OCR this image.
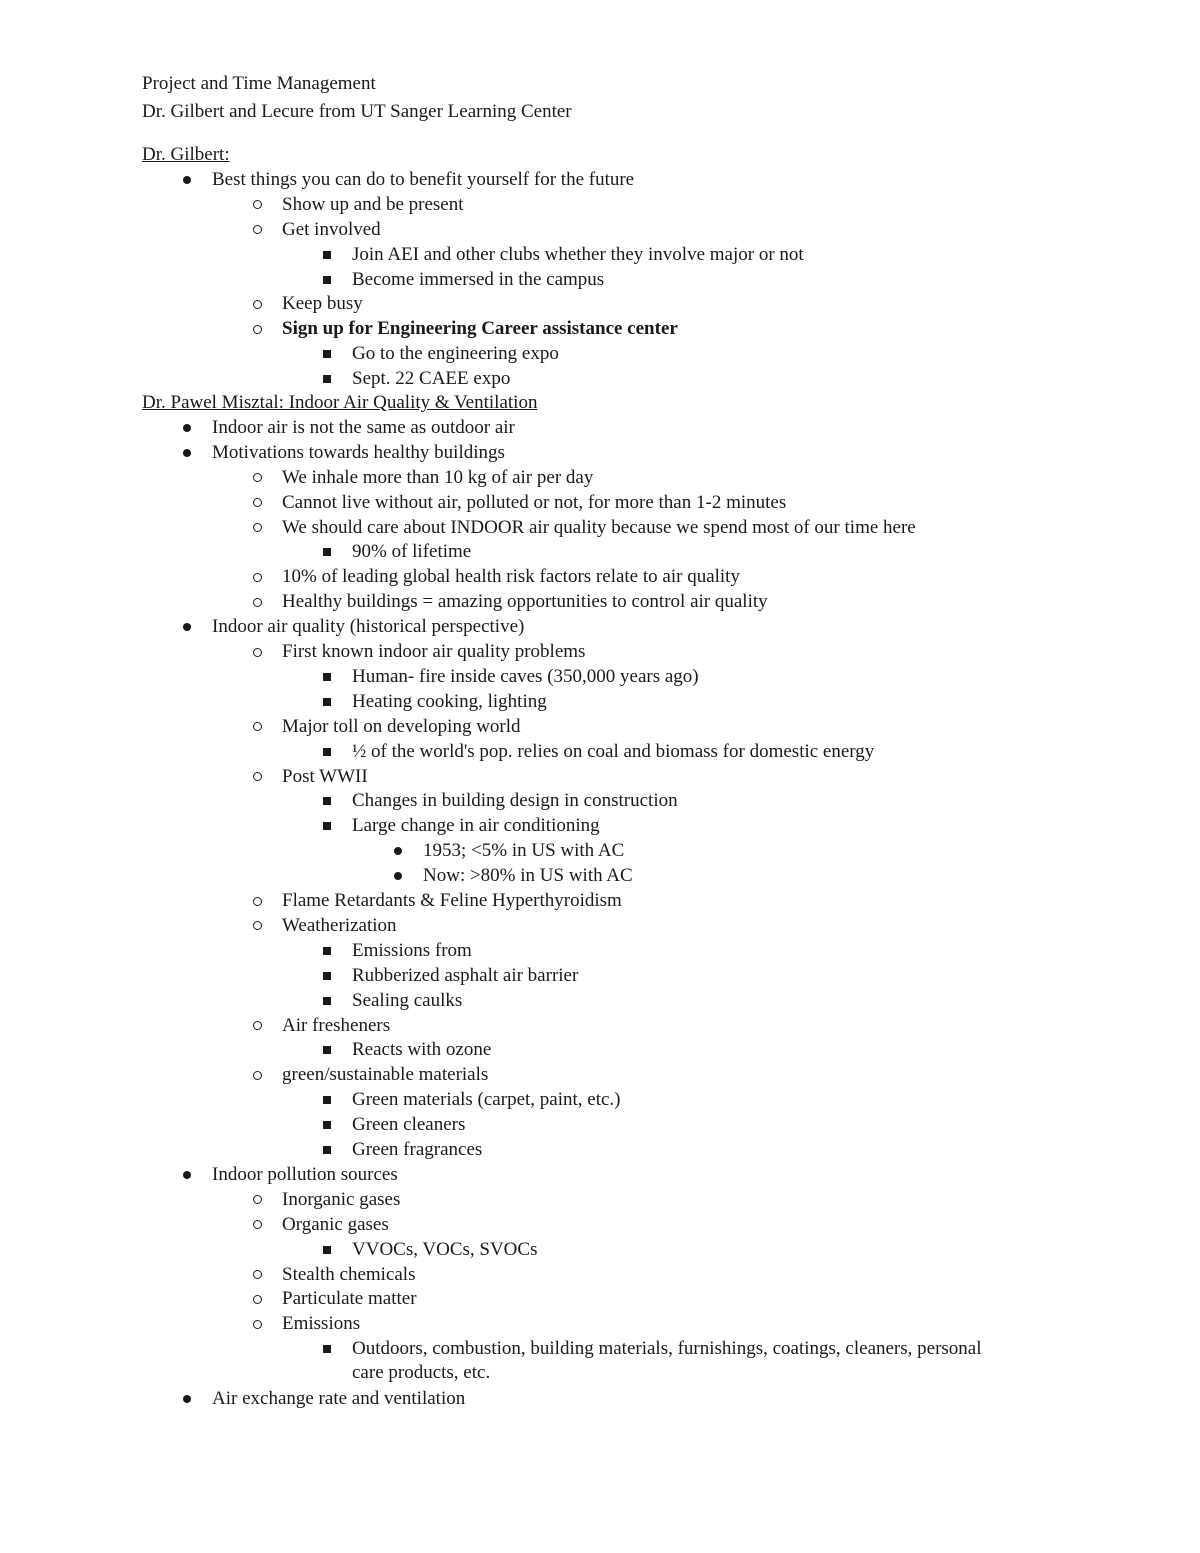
Project and Time Management
Dr. Gilbert and Lecure from UT Sanger Learning Center
Dr. Gilbert:
Best things you can do to benefit yourself for the future
Show up and be present
Get involved
Join AEI and other clubs whether they involve major or not
Become immersed in the campus
Keep busy
Sign up for Engineering Career assistance center
Go to the engineering expo
Sept. 22 CAEE expo
Dr. Pawel Misztal: Indoor Air Quality & Ventilation
Indoor air is not the same as outdoor air
Motivations towards healthy buildings
We inhale more than 10 kg of air per day
Cannot live without air, polluted or not, for more than 1-2 minutes
We should care about INDOOR air quality because we spend most of our time here
90% of lifetime
10% of leading global health risk factors relate to air quality
Healthy buildings = amazing opportunities to control air quality
Indoor air quality (historical perspective)
First known indoor air quality problems
Human- fire inside caves (350,000 years ago)
Heating cooking, lighting
Major toll on developing world
½ of the world's pop. relies on coal and biomass for domestic energy
Post WWII
Changes in building design in construction
Large change in air conditioning
1953; <5% in US with AC
Now: >80% in US with AC
Flame Retardants & Feline Hyperthyroidism
Weatherization
Emissions from
Rubberized asphalt air barrier
Sealing caulks
Air fresheners
Reacts with ozone
green/sustainable materials
Green materials (carpet, paint, etc.)
Green cleaners
Green fragrances
Indoor pollution sources
Inorganic gases
Organic gases
VVOCs, VOCs, SVOCs
Stealth chemicals
Particulate matter
Emissions
Outdoors, combustion, building materials, furnishings, coatings, cleaners, personal care products, etc.
Air exchange rate and ventilation
